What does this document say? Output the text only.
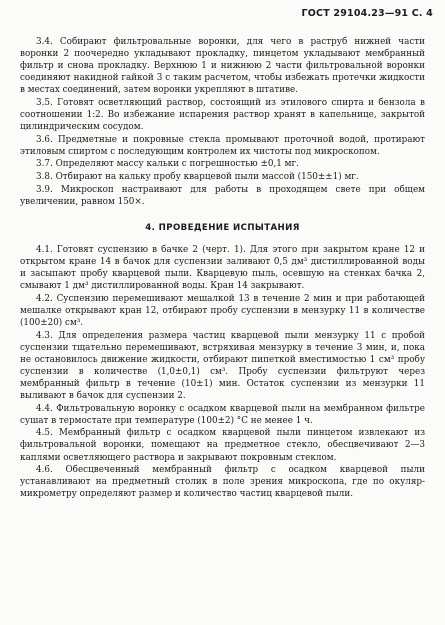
ГОСТ 29104.23—91 С. 4

3.4. Собирают фильтровальные воронки, для чего в раструб нижней части воронки 2 поочередно укладывают прокладку, пинцетом укладывают мембранный фильтр и снова прокладку. Верхнюю 1 и нижнюю 2 части фильтровальной воронки соединяют накидной гайкой 3 с таким расчетом, чтобы избежать протечки жидкости в местах соединений, затем воронки укрепляют в штативе.

3.5. Готовят осветляющий раствор, состоящий из этилового спирта и бензола в соотношении 1:2. Во избежание испарения раствор хранят в капельнице, закрытой цилиндрическим сосудом.

3.6. Предметные и покровные стекла промывают проточной водой, протирают этиловым спиртом с последующим контролем их чистоты под микроскопом.

3.7. Определяют массу кальки с погрешностью ±0,1 мг.

3.8. Отбирают на кальку пробу кварцевой пыли массой (150±±1) мг.

3.9. Микроскоп настраивают для работы в проходящем свете при общем увеличении, равном 150×.

4. ПРОВЕДЕНИЕ ИСПЫТАНИЯ

4.1. Готовят суспензию в бачке 2 (черт. 1). Для этого при закрытом кране 12 и открытом кране 14 в бачок для суспензии заливают 0,5 дм³ дистиллированной воды и засыпают пробу кварцевой пыли. Кварцевую пыль, осевшую на стенках бачка 2, смывают 1 дм³ дистиллированной воды. Кран 14 закрывают.

4.2. Суспензию перемешивают мешалкой 13 в течение 2 мин и при работающей мешалке открывают кран 12, отбирают пробу суспензии в мензурку 11 в количестве (100±20) см³.

4.3. Для определения размера частиц кварцевой пыли мензурку 11 с пробой суспензии тщательно перемешивают, встряхивая мензурку в течение 3 мин, и, пока не остановилось движение жидкости, отбирают пипеткой вместимостью 1 см³ пробу суспензии в количестве (1,0±0,1) см³. Пробу суспензии фильтруют через мембранный фильтр в течение (10±1) мин. Остаток суспензии из мензурки 11 выливают в бачок для суспензии 2.

4.4. Фильтровальную воронку с осадком кварцевой пыли на мембранном фильтре сушат в термостате при температуре (100±2) °С не менее 1 ч.

4.5. Мембранный фильтр с осадком кварцевой пыли пинцетом извлекают из фильтровальной воронки, помещают на предметное стекло, обесцвечивают 2—3 каплями осветляющего раствора и закрывают покровным стеклом.

4.6. Обесцвеченный мембранный фильтр с осадком кварцевой пыли устанавливают на предметный столик в поле зрения микроскопа, где по окуляр-микрометру определяют размер и количество частиц кварцевой пыли.
